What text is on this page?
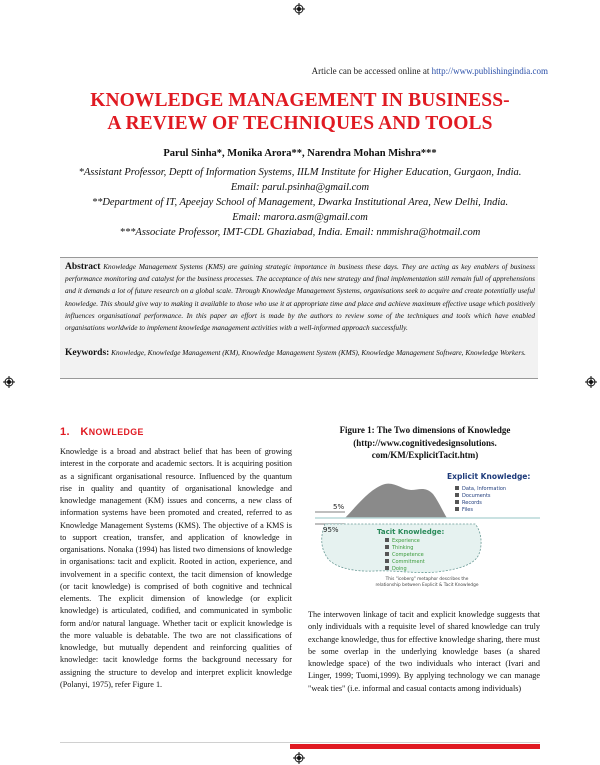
Article can be accessed online at http://www.publishingindia.com
KNOWLEDGE MANAGEMENT IN BUSINESS-
A REVIEW OF TECHNIQUES AND TOOLS
Parul Sinha*, Monika Arora**, Narendra Mohan Mishra***
*Assistant Professor, Deptt of Information Systems, IILM Institute for Higher Education, Gurgaon, India.
Email: parul.psinha@gmail.com
**Department of IT, Apeejay School of Management, Dwarka Institutional Area, New Delhi, India.
Email: marora.asm@gmail.com
***Associate Professor, IMT-CDL Ghaziabad, India. Email: nmmishra@hotmail.com
Abstract Knowledge Management Systems (KMS) are gaining strategic importance in business these days. They are acting as key enablers of business performance monitoring and catalyst for the business processes. The acceptance of this new strategy and final implementation still remain full of apprehensions and it demands a lot of future research on a global scale. Through Knowledge Management Systems, organisations seek to acquire and create potentially useful knowledge. This should give way to making it available to those who use it at appropriate time and place and achieve maximum effective usage which positively influences organisational performance. In this paper an effort is made by the authors to review some of the techniques and tools which have enabled organisations worldwide to implement knowledge management activities with a well-informed approach successfully.
Keywords: Knowledge, Knowledge Management (KM), Knowledge Management System (KMS), Knowledge Management Software, Knowledge Workers.
1. KNOWLEDGE
Knowledge is a broad and abstract belief that has been of growing interest in the corporate and academic sectors. It is acquiring position as a significant organisational resource. Influenced by the quantum rise in quality and quantity of organisational knowledge and knowledge management (KM) issues and concerns, a new class of information systems have been promoted and created, referred to as Knowledge Management Systems (KMS). The objective of a KMS is to support creation, transfer, and application of knowledge in organisations. Nonaka (1994) has listed two dimensions of knowledge in organisations: tacit and explicit. Rooted in action, experience, and involvement in a specific context, the tacit dimension of knowledge (or tacit knowledge) is comprised of both cognitive and technical elements. The explicit dimension of knowledge (or explicit knowledge) is articulated, codified, and communicated in symbolic form and/or natural language. Whether tacit or explicit knowledge is the more valuable is debatable. The two are not classifications of knowledge, but mutually dependent and reinforcing qualities of knowledge: tacit knowledge forms the background necessary for assigning the structure to develop and interpret explicit knowledge (Polanyi, 1975), refer Figure 1.
Figure 1: The Two dimensions of Knowledge
(http://www.cognitivedesignsolutions.
com/KM/ExplicitTacit.htm)
5%
95%
Explicit Knowledge:
Data, Information
Documents
Records
Files
Tacit Knowledge:
Experience
Thinking
Competence
Commitment
Doing
This "iceberg" metaphor describes the
relationship between Explicit & Tacit Knowledge
The interwoven linkage of tacit and explicit knowledge suggests that only individuals with a requisite level of shared knowledge can truly exchange knowledge, thus for effective knowledge sharing, there must be some overlap in the underlying knowledge bases (a shared knowledge space) of the two individuals who interact (Ivari and Linger, 1999; Tuomi,1999). By applying technology we can manage "weak ties" (i.e. informal and casual contacts among individuals)
